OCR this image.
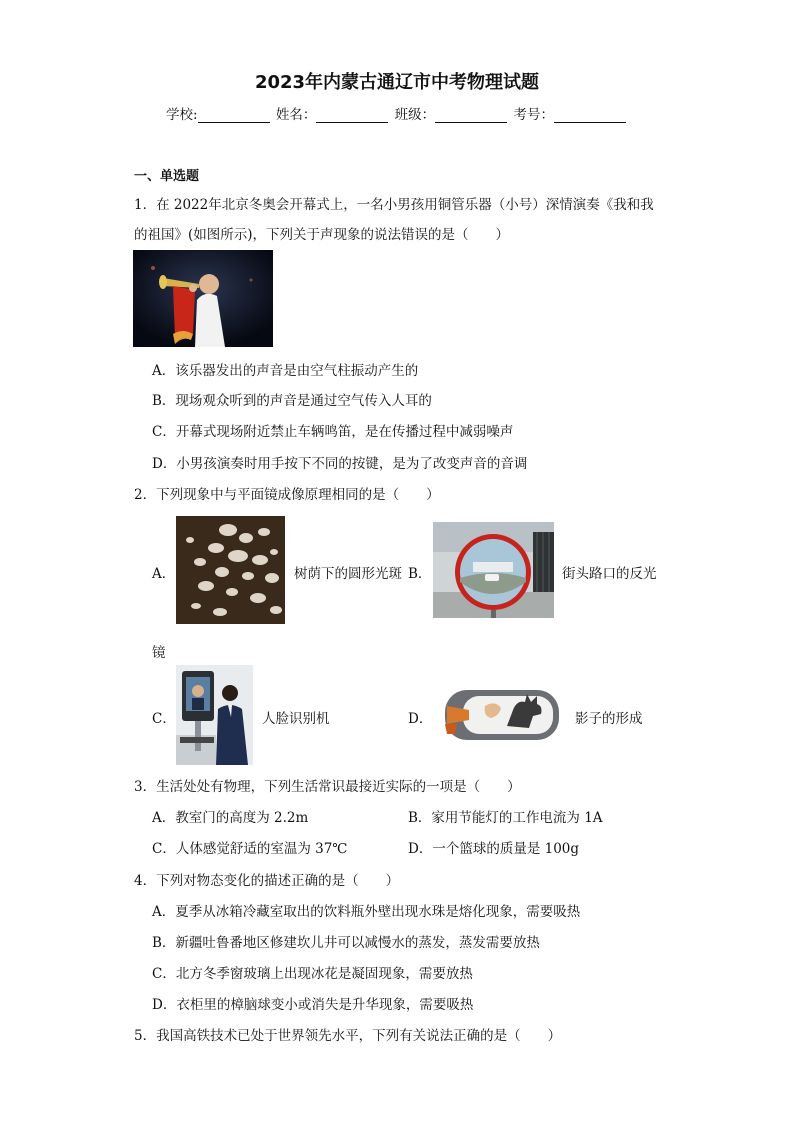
2023年内蒙古通辽市中考物理试题
学校:	姓名：	班级：	考号：
一、单选题
1．在 2022年北京冬奥会开幕式上，一名小男孩用铜管乐器（小号）深情演奏《我和我
的祖国》(如图所示)，下列关于声现象的说法错误的是（　　）
A．该乐器发出的声音是由空气柱振动产生的
B．现场观众听到的声音是通过空气传入人耳的
C．开幕式现场附近禁止车辆鸣笛，是在传播过程中减弱噪声
D．小男孩演奏时用手按下不同的按键，是为了改变声音的音调
2．下列现象中与平面镜成像原理相同的是（　　）
A．	树荫下的圆形光斑 B．	街头路口的反光
镜
C．	人脸识别机	D．	影子的形成
3．生活处处有物理，下列生活常识最接近实际的一项是（　　）
A．教室门的高度为 2.2m	B．家用节能灯的工作电流为 1A
C．人体感觉舒适的室温为 37℃	D．一个篮球的质量是 100g
4．下列对物态变化的描述正确的是（　　）
A．夏季从冰箱冷藏室取出的饮料瓶外壁出现水珠是熔化现象，需要吸热
B．新疆吐鲁番地区修建坎儿井可以减慢水的蒸发，蒸发需要放热
C．北方冬季窗玻璃上出现冰花是凝固现象，需要放热
D．衣柜里的樟脑球变小或消失是升华现象，需要吸热
5．我国高铁技术已处于世界领先水平，下列有关说法正确的是（　　）
